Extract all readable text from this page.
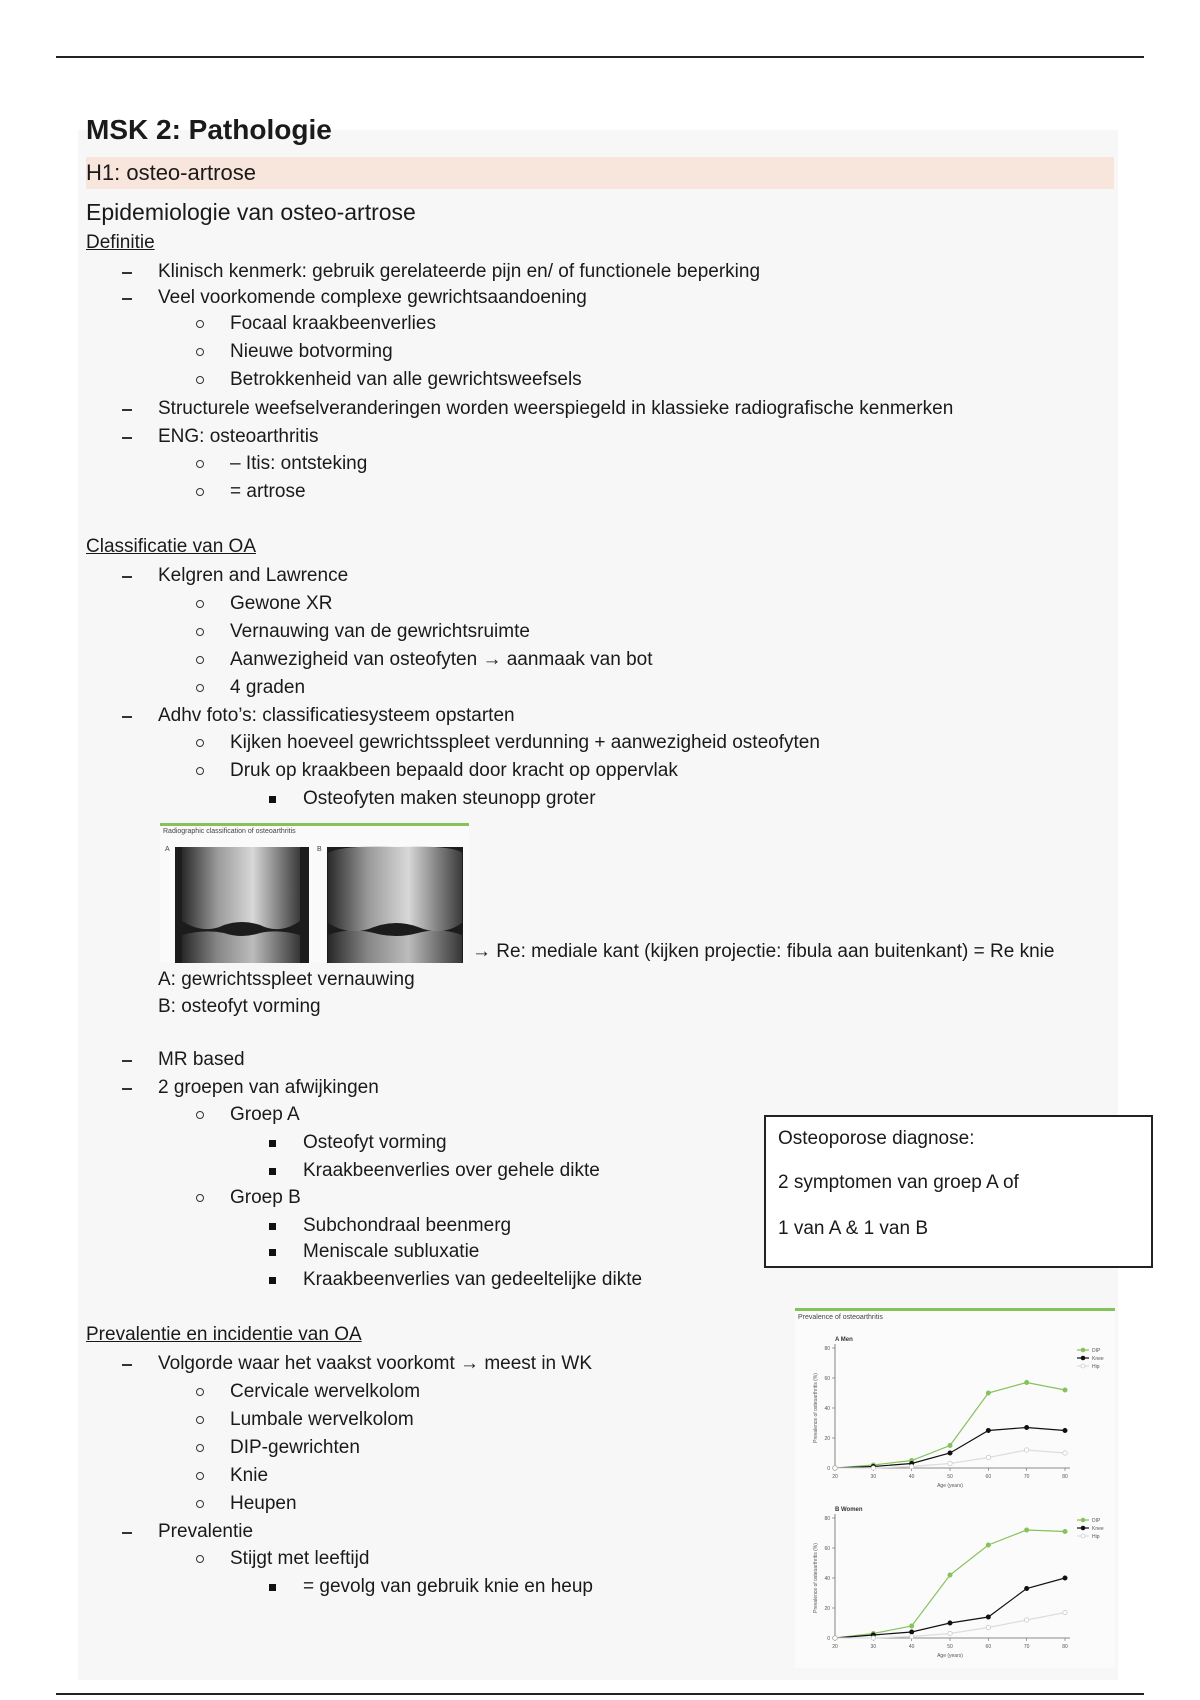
MSK 2: Pathologie
H1: osteo-artrose
Epidemiologie van osteo-artrose
Definitie
Klinisch kenmerk: gebruik gerelateerde pijn en/ of functionele beperking
Veel voorkomende complexe gewrichtsaandoening
Focaal kraakbeenverlies
Nieuwe botvorming
Betrokkenheid van alle gewrichtsweefsels
Structurele weefselveranderingen worden weerspiegeld in klassieke radiografische kenmerken
ENG: osteoarthritis
– Itis: ontsteking
= artrose
Classificatie van OA
Kelgren and Lawrence
Gewone XR
Vernauwing van de gewrichtsruimte
Aanwezigheid van osteofyten → aanmaak van bot
4 graden
Adhv foto’s: classificatiesysteem opstarten
Kijken hoeveel gewrichtsspleet verdunning + aanwezigheid osteofyten
Druk op kraakbeen bepaald door kracht op oppervlak
Osteofyten maken steunopp groter
Radiographic classification of osteoarthritis
A	B
→ Re: mediale kant (kijken projectie: fibula aan buitenkant) = Re knie
A: gewrichtsspleet vernauwing
B: osteofyt vorming
MR based
2 groepen van afwijkingen
Groep A
Osteofyt vorming
Kraakbeenverlies over gehele dikte
Groep B
Subchondraal beenmerg
Meniscale subluxatie
Kraakbeenverlies van gedeeltelijke dikte
Osteoporose diagnose:
2 symptomen van groep A of
1 van A & 1 van B
Prevalentie en incidentie van OA
Volgorde waar het vaakst voorkomt → meest in WK
Cervicale wervelkolom
Lumbale wervelkolom
DIP-gewrichten
Knie
Heupen
Prevalentie
Stijgt met leeftijd
= gevolg van gebruik knie en heup
Prevalence of osteoarthritis
A Men
0
20
40
60
80
20	30	40	50	60	70	80
Age (years)
Prevalence of osteoarthritis (%)
DIP
Knee
Hip
B Women
0
20
40
60
80
20	30	40	50	60	70	80
Age (years)
Prevalence of osteoarthritis (%)
DIP
Knee
Hip
